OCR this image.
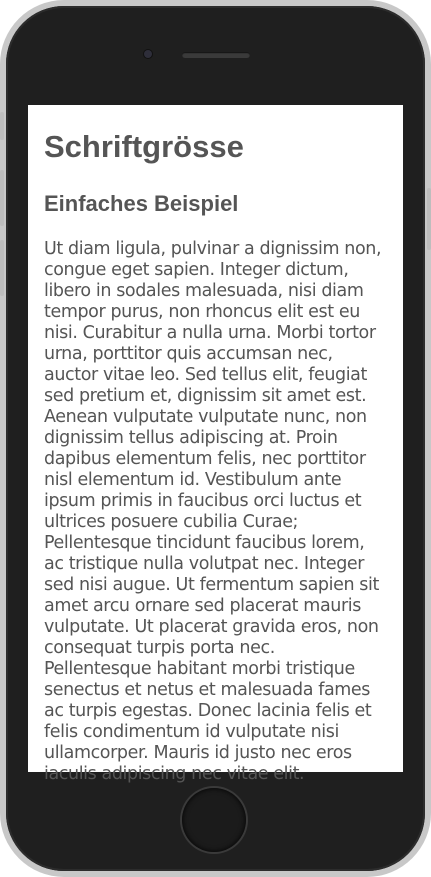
Schriftgrösse
Einfaches Beispiel

Ut diam ligula, pulvinar a dignissim non, congue eget sapien. Integer dictum, libero in sodales malesuada, nisi diam tempor purus, non rhoncus elit est eu nisi. Curabitur a nulla urna. Morbi tortor urna, porttitor quis accumsan nec, auctor vitae leo. Sed tellus elit, feugiat sed pretium et, dignissim sit amet est. Aenean vulputate vulputate nunc, non dignissim tellus adipiscing at. Proin dapibus elementum felis, nec porttitor nisl elementum id. Vestibulum ante ipsum primis in faucibus orci luctus et ultrices posuere cubilia Curae; Pellentesque tincidunt faucibus lorem, ac tristique nulla volutpat nec. Integer sed nisi augue. Ut fermentum sapien sit amet arcu ornare sed placerat mauris vulputate. Ut placerat gravida eros, non consequat turpis porta nec. Pellentesque habitant morbi tristique senectus et netus et malesuada fames ac turpis egestas. Donec lacinia felis et felis condimentum id vulputate nisi ullamcorper. Mauris id justo nec eros iaculis adipiscing nec vitae elit.
